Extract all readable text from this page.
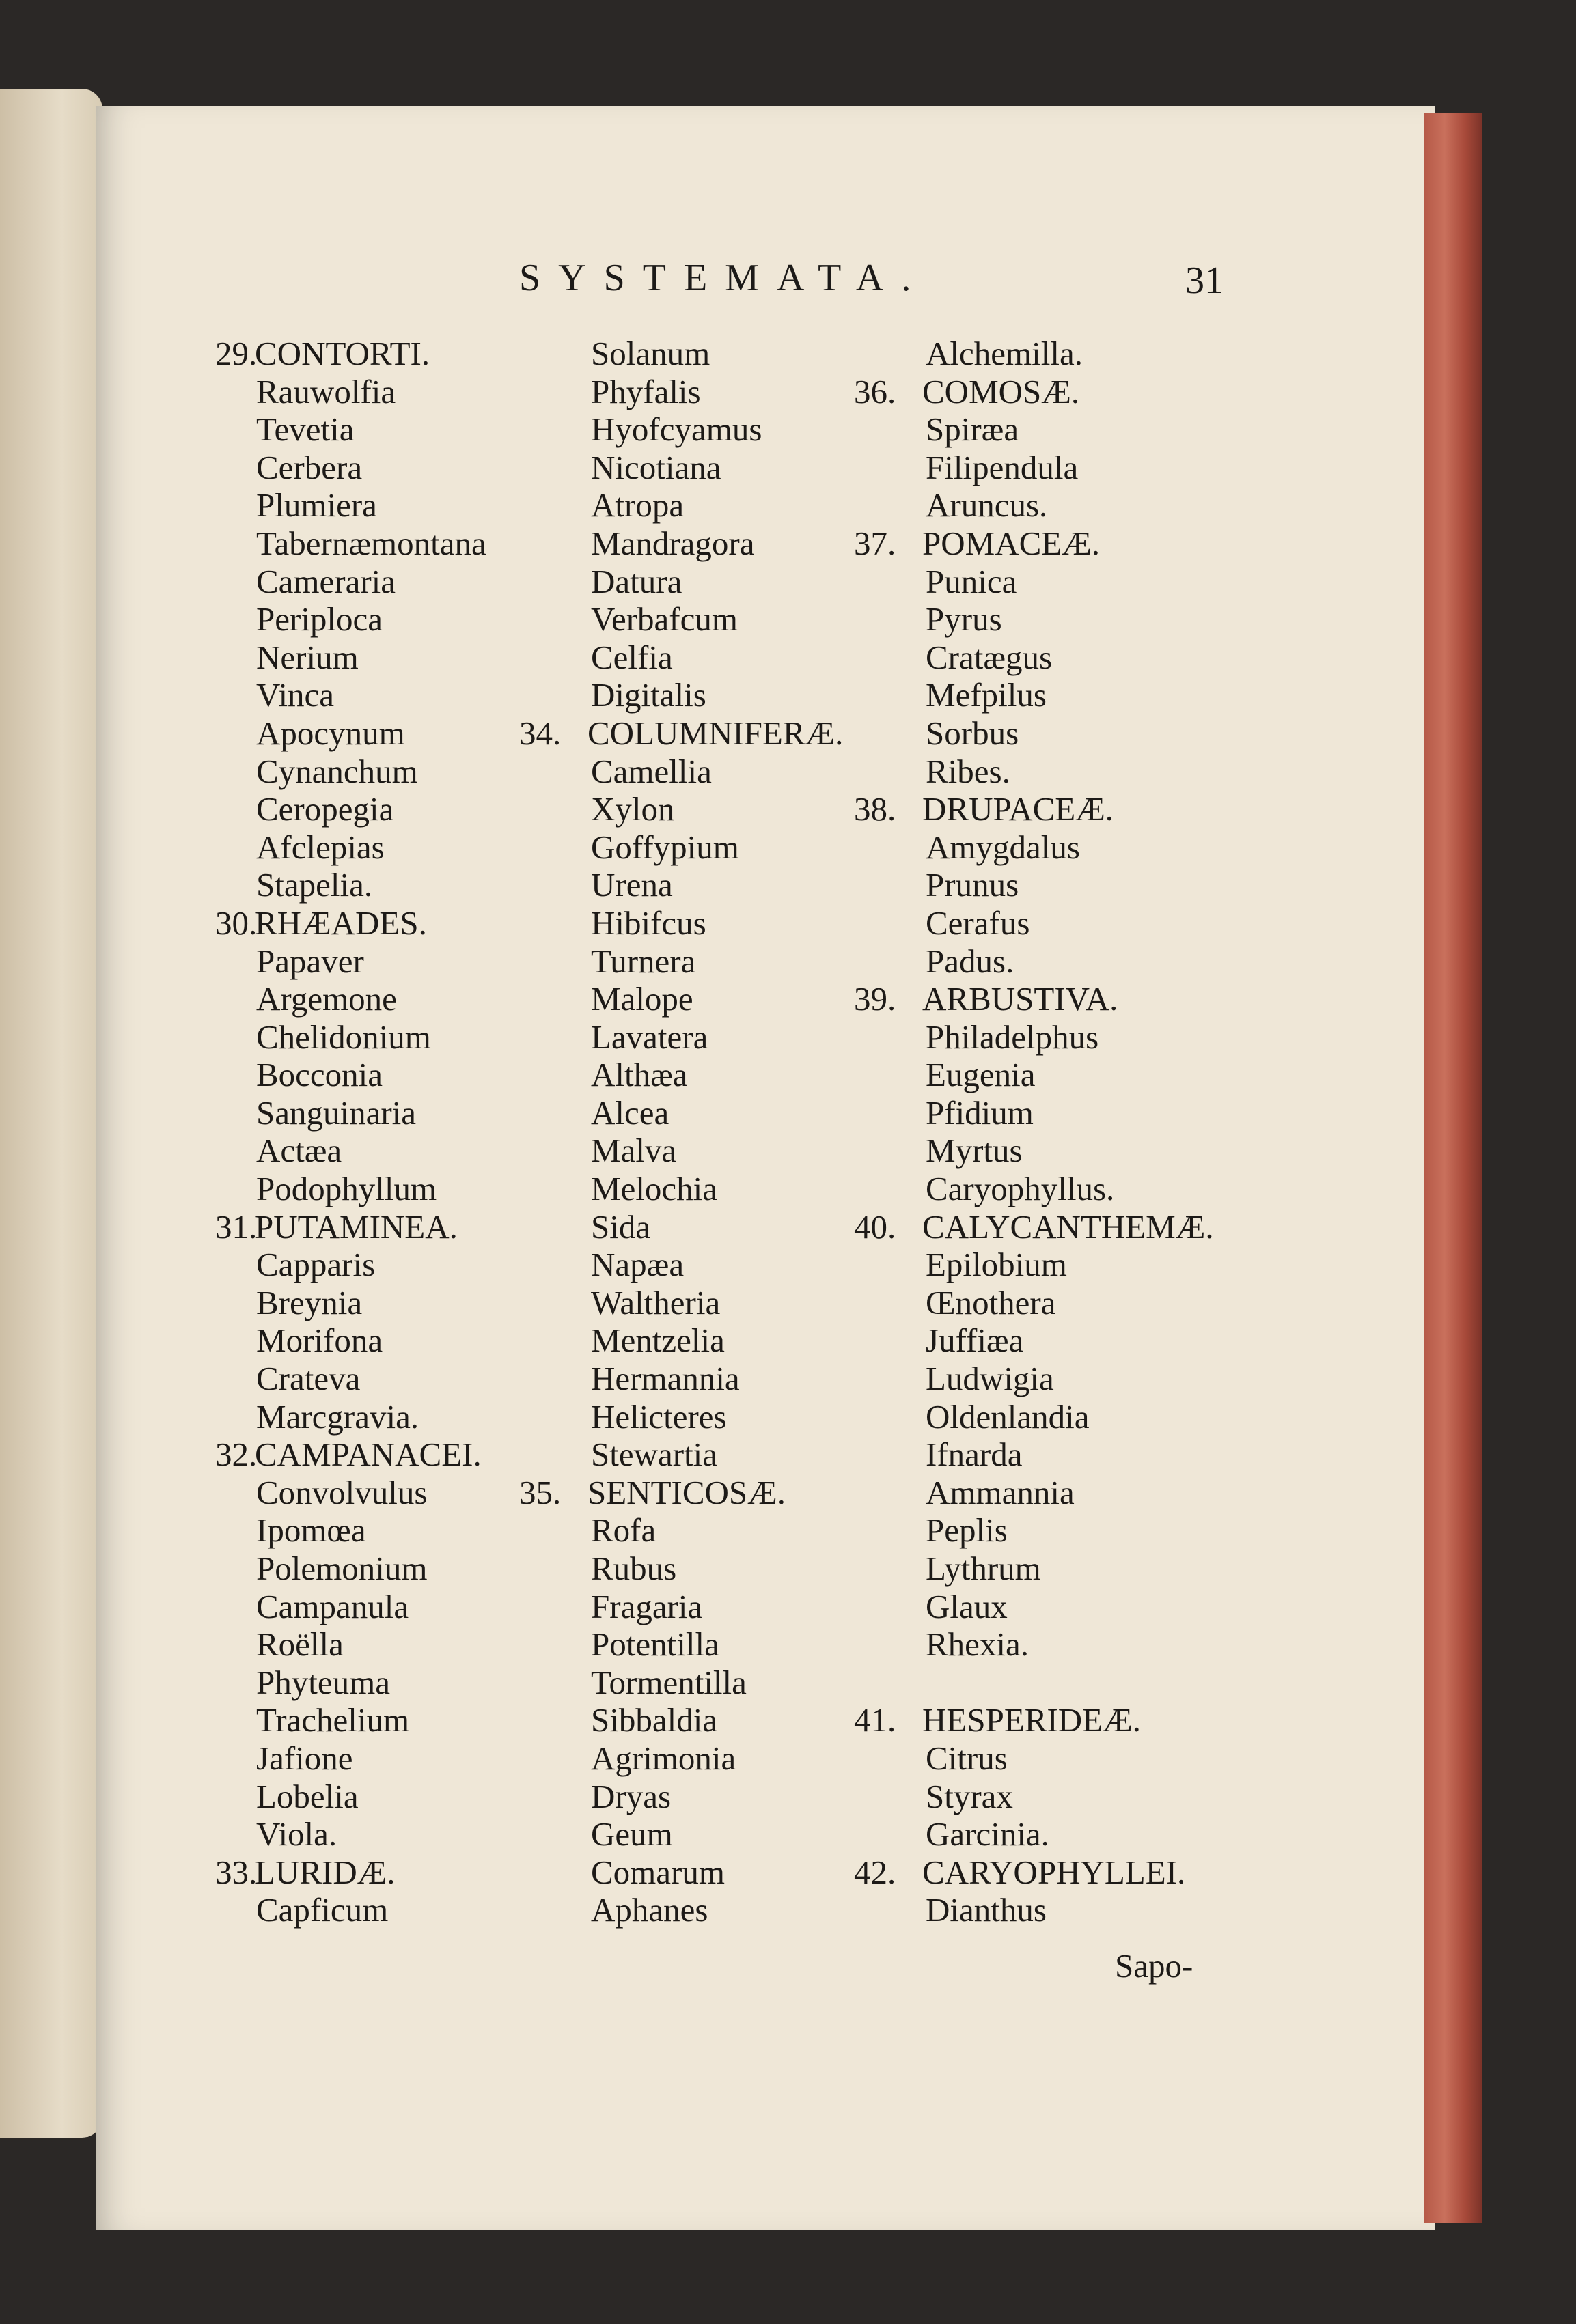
SYSTEMATA.	31
29.CONTORTI.
Rauwolfia
Tevetia
Cerbera
Plumiera
Tabernæmontana
Cameraria
Periploca
Nerium
Vinca
Apocynum
Cynanchum
Ceropegia
Afclepias
Stapelia.
30.RHÆADES.
Papaver
Argemone
Chelidonium
Bocconia
Sanguinaria
Actæa
Podophyllum
31.PUTAMINEA.
Capparis
Breynia
Morifona
Crateva
Marcgravia.
32.CAMPANACEI.
Convolvulus
Ipomœa
Polemonium
Campanula
Roëlla
Phyteuma
Trachelium
Jafione
Lobelia
Viola.
33.LURIDÆ.
Capficum
Solanum
Phyfalis
Hyofcyamus
Nicotiana
Atropa
Mandragora
Datura
Verbafcum
Celfia
Digitalis
34. COLUMNIFERÆ.
Camellia
Xylon
Goffypium
Urena
Hibifcus
Turnera
Malope
Lavatera
Althæa
Alcea
Malva
Melochia
Sida
Napæa
Waltheria
Mentzelia
Hermannia
Helicteres
Stewartia
35. SENTICOSÆ.
Rofa
Rubus
Fragaria
Potentilla
Tormentilla
Sibbaldia
Agrimonia
Dryas
Geum
Comarum
Aphanes
Alchemilla.
36. COMOSÆ.
Spiræa
Filipendula
Aruncus.
37. POMACEÆ.
Punica
Pyrus
Cratægus
Mefpilus
Sorbus
Ribes.
38. DRUPACEÆ.
Amygdalus
Prunus
Cerafus
Padus.
39. ARBUSTIVA.
Philadelphus
Eugenia
Pfidium
Myrtus
Caryophyllus.
40. CALYCANTHEMÆ.
Epilobium
Œnothera
Juffiæa
Ludwigia
Oldenlandia
Ifnarda
Ammannia
Peplis
Lythrum
Glaux
Rhexia.
41. HESPERIDEÆ.
Citrus
Styrax
Garcinia.
42. CARYOPHYLLEI.
Dianthus
Sapo-
